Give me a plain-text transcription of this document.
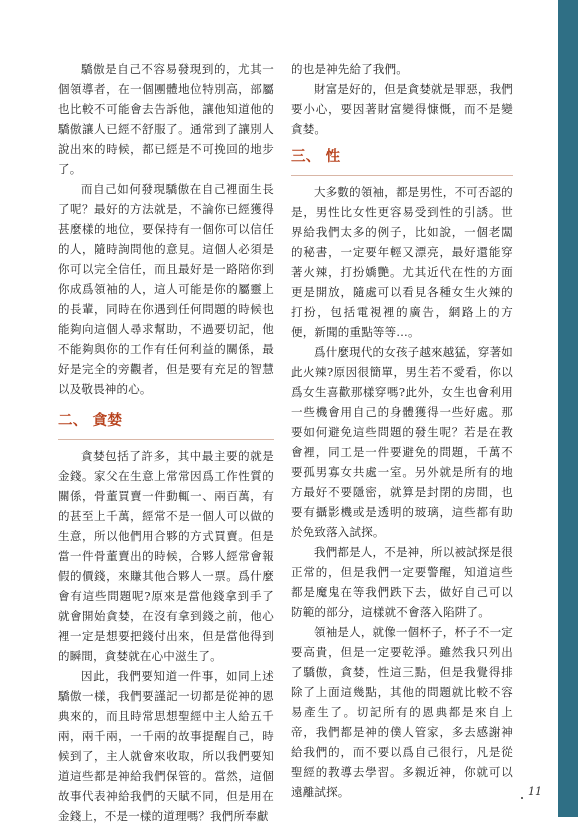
驕傲是自己不容易發現到的，尤其一個領導者，在一個團體地位特別高，部屬也比較不可能會去告訴他，讓他知道他的驕傲讓人已經不舒服了。通常到了讓別人說出來的時候，都已經是不可挽回的地步了。

而自己如何發現驕傲在自己裡面生長了呢？最好的方法就是，不論你已經獲得甚麼樣的地位，要保持有一個你可以信任的人，隨時詢問他的意見。這個人必須是你可以完全信任，而且最好是一路陪你到你成爲領袖的人，這人可能是你的屬靈上的長輩，同時在你遇到任何問題的時候也能夠向這個人尋求幫助，不過要切記，他不能夠與你的工作有任何利益的關係，最好是完全的旁觀者，但是要有充足的智慧以及敬畏神的心。

二、 貪婪

貪婪包括了許多，其中最主要的就是金錢。家父在生意上常常因爲工作性質的關係，骨董買賣一件動輒一、兩百萬，有的甚至上千萬，經常不是一個人可以做的生意，所以他們用合夥的方式買賣。但是當一件骨董賣出的時候，合夥人經常會報假的價錢，來賺其他合夥人一票。爲什麼會有這些問題呢?原來是當他錢拿到手了就會開始貪婪，在沒有拿到錢之前，他心裡一定是想要把錢付出來，但是當他得到的瞬間，貪婪就在心中滋生了。

因此，我們要知道一件事，如同上述驕傲一樣，我們要謹記一切都是從神的恩典來的，而且時常思想聖經中主人給五千兩，兩千兩，一千兩的故事提醒自己，時候到了，主人就會來收取，所以我們要知道這些都是神給我們保管的。當然，這個故事代表神給我們的天賦不同，但是用在金錢上，不是一樣的道理嗎？我們所奉獻

的也是神先給了我們。

財富是好的，但是貪婪就是罪惡，我們要小心，要因著財富變得慷慨，而不是變貪婪。

三、 性

大多數的領袖，都是男性，不可否認的是，男性比女性更容易受到性的引誘。世界給我們太多的例子，比如說，一個老闆的秘書，一定要年輕又漂亮，最好還能穿著火辣，打扮嬌艷。尤其近代在性的方面更是開放，隨處可以看見各種女生火辣的打扮，包括電視裡的廣告，網路上的方便，新聞的重點等等…。

爲什麼現代的女孩子越來越猛，穿著如此火辣?原因很簡單，男生若不愛看，你以爲女生喜歡那樣穿嗎?此外，女生也會利用一些機會用自己的身體獲得一些好處。那要如何避免這些問題的發生呢？若是在教會裡，同工是一件要避免的問題，千萬不要孤男寡女共處一室。另外就是所有的地方最好不要隱密，就算是封閉的房間，也要有攝影機或是透明的玻璃，這些都有助於免致落入試探。

我們都是人，不是神，所以被試探是很正常的，但是我們一定要警醒，知道這些都是魔鬼在等我們跌下去，做好自己可以防範的部分，這樣就不會落入陷阱了。

領袖是人，就像一個杯子，杯子不一定要高貴，但是一定要乾淨。雖然我只列出了驕傲，貪婪，性這三點，但是我覺得排除了上面這幾點，其他的問題就比較不容易產生了。切記所有的恩典都是來自上帝，我們都是神的僕人管家，多去感謝神給我們的，而不要以爲自己很行，凡是從聖經的教導去學習。多親近神，你就可以遠離試探。	11
